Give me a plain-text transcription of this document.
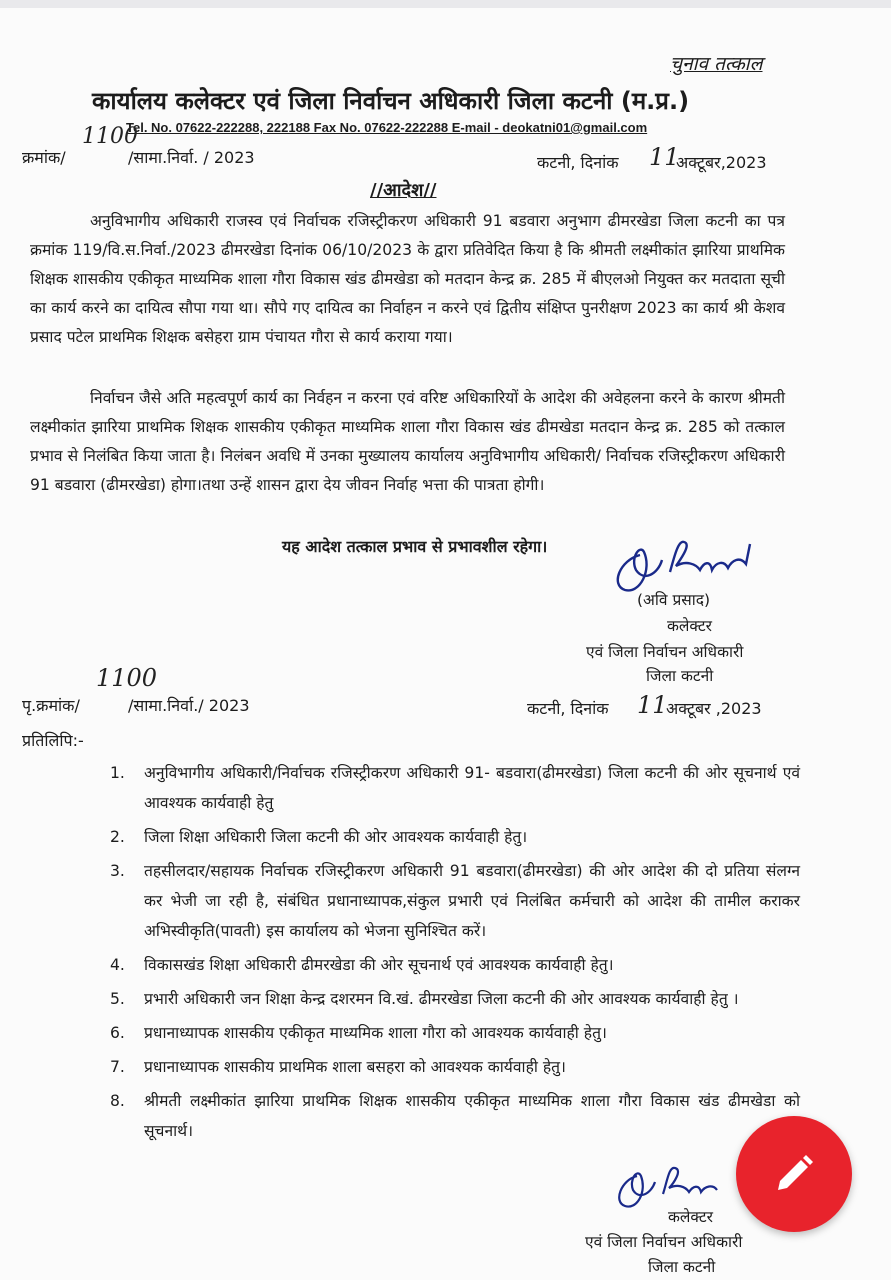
चुनाव तत्काल
कार्यालय कलेक्टर एवं जिला निर्वाचन अधिकारी जिला कटनी (म.प्र.)
Tel. No. 07622-222288, 222188 Fax No. 07622-222288 E-mail - deokatni01@gmail.com
क्रमांक/
1100
/सामा.निर्वा. / 2023	कटनी, दिनांक 11
अक्टूबर,2023
//आदेश//
अनुविभागीय अधिकारी राजस्व एवं निर्वाचक रजिस्ट्रीकरण अधिकारी 91 बडवारा अनुभाग ढीमरखेडा जिला कटनी का पत्र क्रमांक 119/वि.स.निर्वा./2023 ढीमरखेडा दिनांक 06/10/2023 के द्वारा प्रतिवेदित किया है कि श्रीमती लक्ष्मीकांत झारिया प्राथमिक शिक्षक शासकीय एकीकृत माध्यमिक शाला गौरा विकास खंड ढीमखेडा को मतदान केन्द्र क्र. 285 में बीएलओ नियुक्त कर मतदाता सूची का कार्य करने का दायित्व सौपा गया था। सौपे गए दायित्व का निर्वाहन न करने एवं द्वितीय संक्षिप्त पुनरीक्षण 2023 का कार्य श्री केशव प्रसाद पटेल प्राथमिक शिक्षक बसेहरा ग्राम पंचायत गौरा से कार्य कराया गया।
निर्वाचन जैसे अति महत्वपूर्ण कार्य का निर्वहन न करना एवं वरिष्ट अधिकारियों के आदेश की अवेहलना करने के कारण श्रीमती लक्ष्मीकांत झारिया प्राथमिक शिक्षक शासकीय एकीकृत माध्यमिक शाला गौरा विकास खंड ढीमखेडा मतदान केन्द्र क्र. 285 को तत्काल प्रभाव से निलंबित किया जाता है। निलंबन अवधि में उनका मुख्यालय कार्यालय अनुविभागीय अधिकारी/ निर्वाचक रजिस्ट्रीकरण अधिकारी 91 बडवारा (ढीमरखेडा) होगा।तथा उन्हें शासन द्वारा देय जीवन निर्वाह भत्ता की पात्रता होगी।
यह आदेश तत्काल प्रभाव से प्रभावशील रहेगा।
(अवि प्रसाद)
कलेक्टर
एवं जिला निर्वाचन अधिकारी
जिला कटनी
पृ.क्रमांक/
1100
/सामा.निर्वा./ 2023	कटनी, दिनांक 11
अक्टूबर ,2023
प्रतिलिपि:-
1. अनुविभागीय अधिकारी/निर्वाचक रजिस्ट्रीकरण अधिकारी 91- बडवारा(ढीमरखेडा) जिला कटनी की ओर सूचनार्थ एवं आवश्यक कार्यवाही हेतु
2. जिला शिक्षा अधिकारी जिला कटनी की ओर आवश्यक कार्यवाही हेतु।
3. तहसीलदार/सहायक निर्वाचक रजिस्ट्रीकरण अधिकारी 91 बडवारा(ढीमरखेडा) की ओर आदेश की दो प्रतिया संलग्न कर भेजी जा रही है, संबंधित प्रधानाध्यापक,संकुल प्रभारी एवं निलंबित कर्मचारी को आदेश की तामील कराकर अभिस्वीकृति(पावती) इस कार्यालय को भेजना सुनिश्चित करें।
4. विकासखंड शिक्षा अधिकारी ढीमरखेडा की ओर सूचनार्थ एवं आवश्यक कार्यवाही हेतु।
5. प्रभारी अधिकारी जन शिक्षा केन्द्र दशरमन वि.खं. ढीमरखेडा जिला कटनी की ओर आवश्यक कार्यवाही हेतु ।
6. प्रधानाध्यापक शासकीय एकीकृत माध्यमिक शाला गौरा को आवश्यक कार्यवाही हेतु।
7. प्रधानाध्यापक शासकीय प्राथमिक शाला बसहरा को आवश्यक कार्यवाही हेतु।
8. श्रीमती लक्ष्मीकांत झारिया प्राथमिक शिक्षक शासकीय एकीकृत माध्यमिक शाला गौरा विकास खंड ढीमखेडा को सूचनार्थ।
कलेक्टर
एवं जिला निर्वाचन अधिकारी
जिला कटनी
